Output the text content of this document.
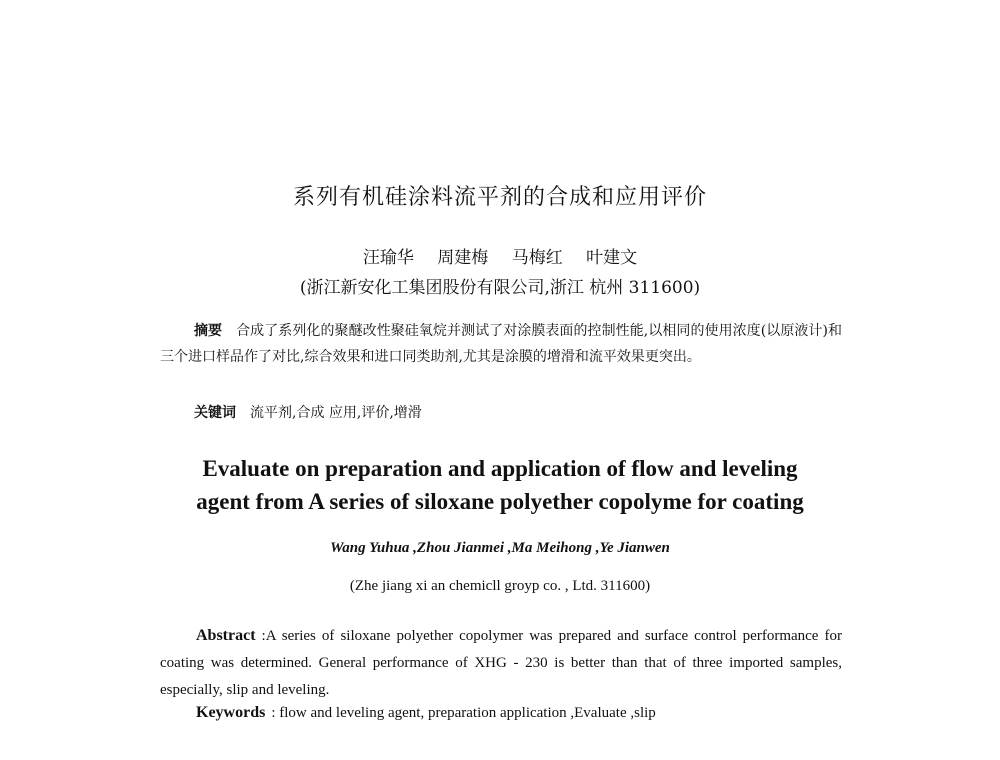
系列有机硅涂料流平剂的合成和应用评价
汪瑜华 周建梅 马梅红 叶建文
(浙江新安化工集团股份有限公司,浙江 杭州 311600)
摘要 合成了系列化的聚醚改性聚硅氧烷并测试了对涂膜表面的控制性能,以相同的使用浓度(以原液计)和三个进口样品作了对比,综合效果和进口同类助剂,尤其是涂膜的增滑和流平效果更突出。
关键词 流平剂,合成 应用,评价,增滑
Evaluate on preparation and application of flow and leveling
agent from A series of siloxane polyether copolyme for coating
Wang Yuhua ,Zhou Jianmei ,Ma Meihong ,Ye Jianwen
(Zhe jiang xi an chemicll groyp co. , Ltd. 311600)
Abstract :A series of siloxane polyether copolymer was prepared and surface control performance for coating was determined. General performance of XHG - 230 is better than that of three imported samples, especially, slip and leveling.
Keywords : flow and leveling agent, preparation application ,Evaluate ,slip
